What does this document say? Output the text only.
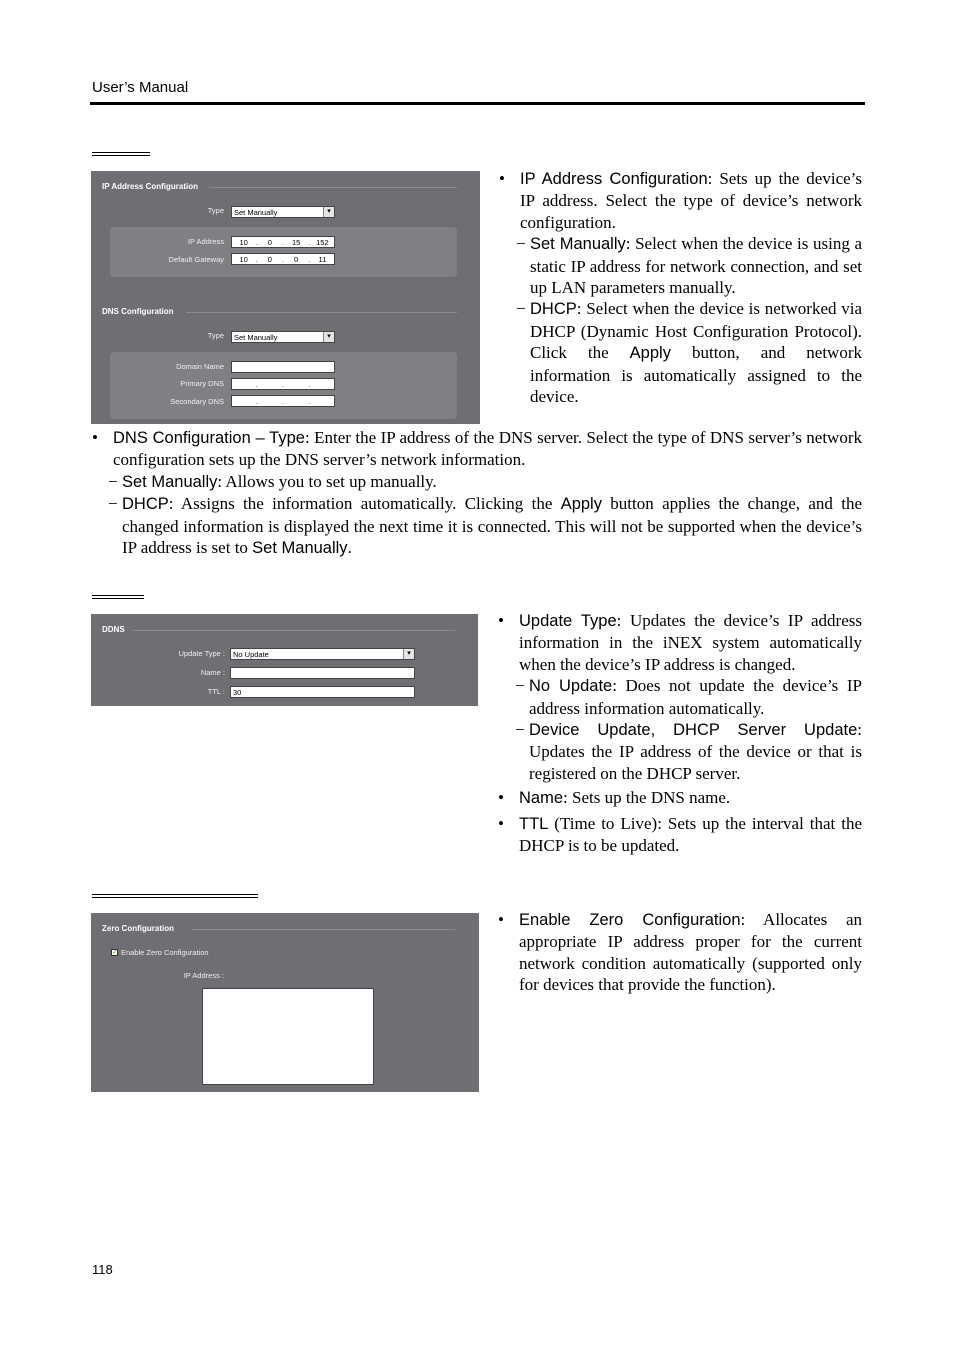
User’s Manual
IP Address Configuration
Type	Set Manually	▾
IP Address	10	.	0	.	15	. 152
Default Gateway	10	.	0	.	0	.	11
DNS Configuration
Type	Set Manually	▾
Domain Name
Primary DNS	.	.	.
Secondary DNS	.	.	.
• IP Address Configuration: Sets up the device’s IP address. Select the type of device’s network configuration.
− Set Manually: Select when the device is using a static IP address for network connection, and set up LAN parameters manually.
− DHCP: Select when the device is networked via DHCP (Dynamic Host Configuration Protocol). Click the Apply button, and network information is automatically assigned to the device.
• DNS Configuration – Type: Enter the IP address of the DNS server. Select the type of DNS server’s network configuration sets up the DNS server’s network information.
− Set Manually: Allows you to set up manually.
− DHCP: Assigns the information automatically. Clicking the Apply button applies the change, and the changed information is displayed the next time it is connected. This will not be supported when the device’s IP address is set to Set Manually.
DDNS
Update Type :	No Update	▾
Name :
TTL :	30
• Update Type: Updates the device’s IP address information in the iNEX system automatically when the device’s IP address is changed.
− No Update: Does not update the device’s IP address information automatically.
− Device Update, DHCP Server Update: Updates the IP address of the device or that is registered on the DHCP server.
• Name: Sets up the DNS name.
• TTL (Time to Live): Sets up the interval that the DHCP is to be updated.
Zero Configuration
✓ Enable Zero Configuration
IP Address :
• Enable Zero Configuration: Allocates an appropriate IP address proper for the current network condition automatically (supported only for devices that provide the function).
118
